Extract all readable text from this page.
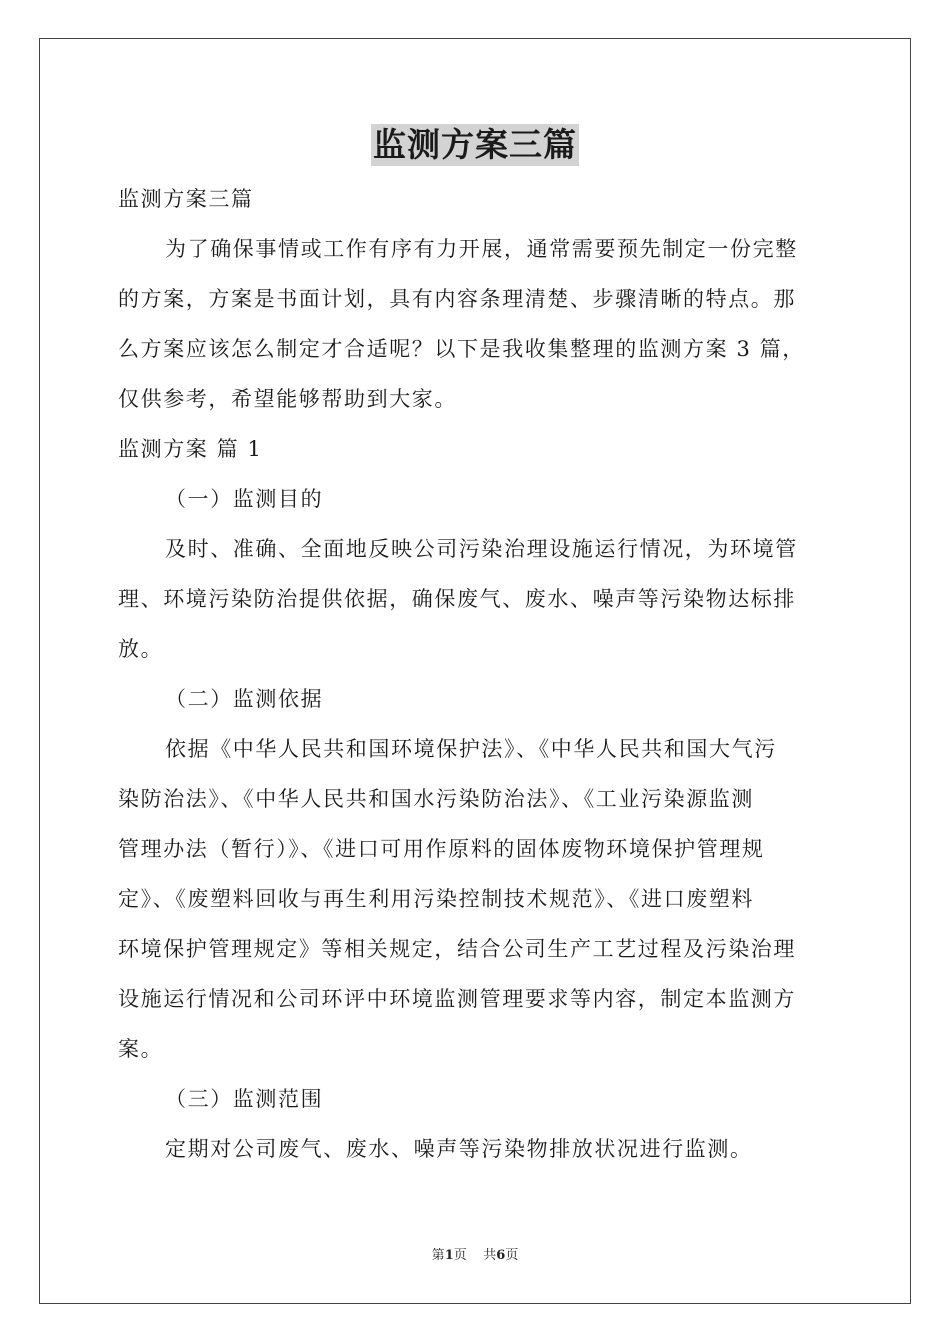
监测方案三篇
监测方案三篇
为了确保事情或工作有序有力开展，通常需要预先制定一份完整
的方案，方案是书面计划，具有内容条理清楚、步骤清晰的特点。那
么方案应该怎么制定才合适呢？以下是我收集整理的监测方案 3 篇，
仅供参考，希望能够帮助到大家。
监测方案 篇 1
（一）监测目的
及时、准确、全面地反映公司污染治理设施运行情况，为环境管
理、环境污染防治提供依据，确保废气、废水、噪声等污染物达标排
放。
（二）监测依据
依据《中华人民共和国环境保护法》、《中华人民共和国大气污
染防治法》、《中华人民共和国水污染防治法》、《工业污染源监测
管理办法（暂行）》、《进口可用作原料的固体废物环境保护管理规
定》、《废塑料回收与再生利用污染控制技术规范》、《进口废塑料
环境保护管理规定》等相关规定，结合公司生产工艺过程及污染治理
设施运行情况和公司环评中环境监测管理要求等内容，制定本监测方
案。
（三）监测范围
定期对公司废气、废水、噪声等污染物排放状况进行监测。
第1页    共6页
